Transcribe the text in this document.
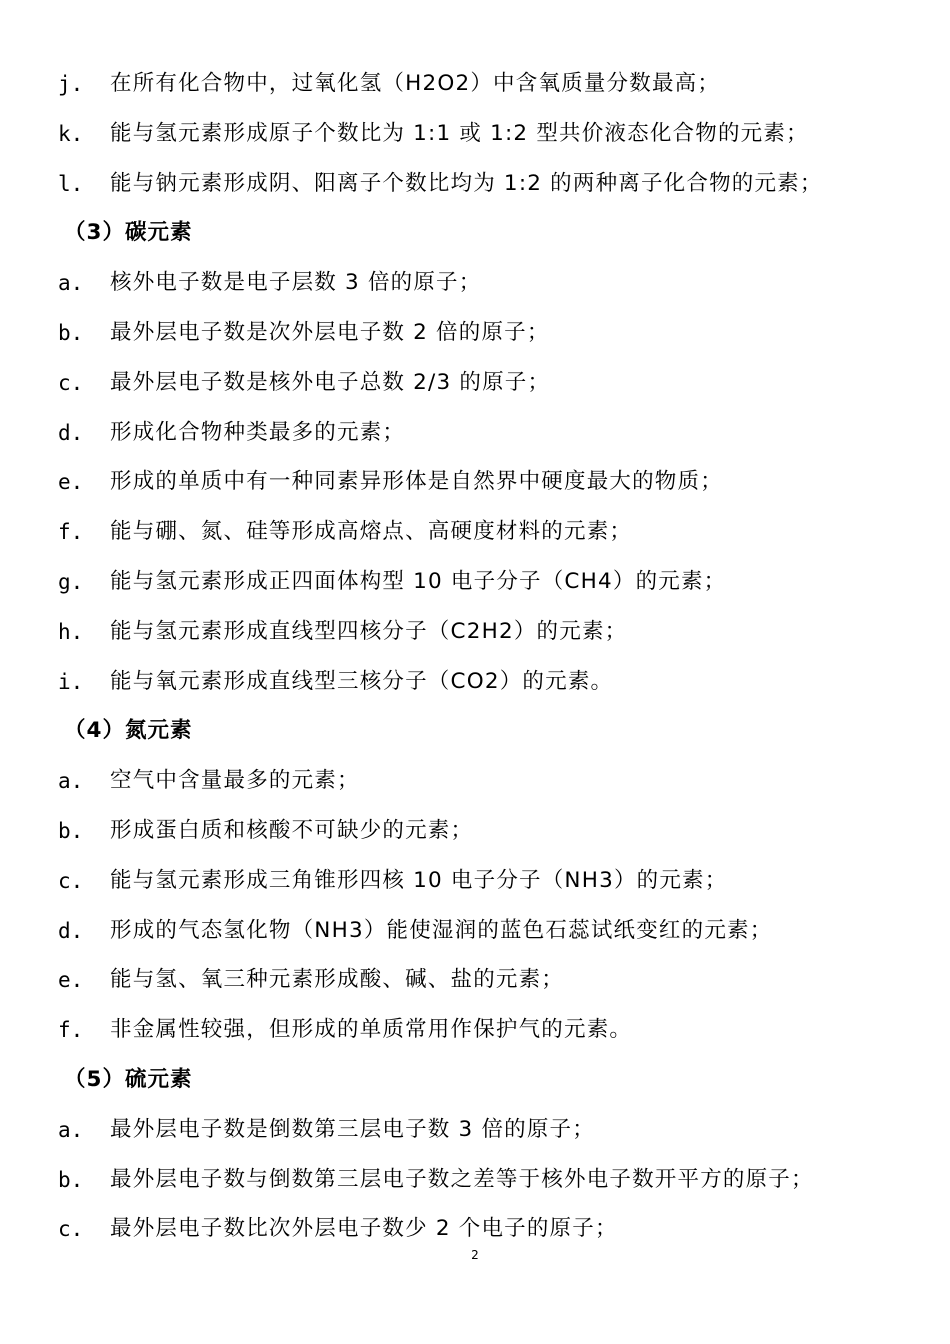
j. 在所有化合物中，过氧化氢（H2O2）中含氧质量分数最高；
k. 能与氢元素形成原子个数比为 1:1 或 1:2 型共价液态化合物的元素；
l. 能与钠元素形成阴、阳离子个数比均为 1:2 的两种离子化合物的元素；
（3）碳元素
a. 核外电子数是电子层数 3 倍的原子；
b. 最外层电子数是次外层电子数 2 倍的原子；
c. 最外层电子数是核外电子总数 2/3 的原子；
d. 形成化合物种类最多的元素；
e. 形成的单质中有一种同素异形体是自然界中硬度最大的物质；
f. 能与硼、氮、硅等形成高熔点、高硬度材料的元素；
g. 能与氢元素形成正四面体构型 10 电子分子（CH4）的元素；
h. 能与氢元素形成直线型四核分子（C2H2）的元素；
i. 能与氧元素形成直线型三核分子（CO2）的元素。
（4）氮元素
a. 空气中含量最多的元素；
b. 形成蛋白质和核酸不可缺少的元素；
c. 能与氢元素形成三角锥形四核 10 电子分子（NH3）的元素；
d. 形成的气态氢化物（NH3）能使湿润的蓝色石蕊试纸变红的元素；
e. 能与氢、氧三种元素形成酸、碱、盐的元素；
f. 非金属性较强，但形成的单质常用作保护气的元素。
（5）硫元素
a. 最外层电子数是倒数第三层电子数 3 倍的原子；
b. 最外层电子数与倒数第三层电子数之差等于核外电子数开平方的原子；
c. 最外层电子数比次外层电子数少 2 个电子的原子；
2
